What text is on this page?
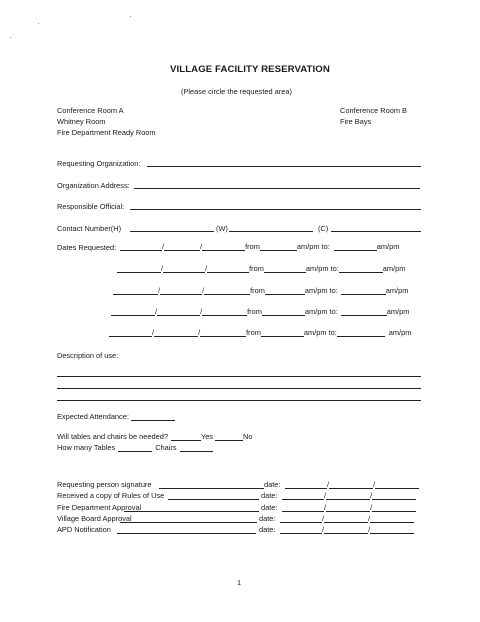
VILLAGE FACILITY RESERVATION
(Please circle the requested area)
Conference Room A
Whitney Room
Fire Department Ready Room
Conference Room B
Fire Bays
Requesting Organization:
Organization Address:
Responsible Official:
Contact Number(H)	(W)	(C)
Dates Requested:	/	/	from	am/pm to:	am/pm
/	/	from	am/pm to:	am/pm
/	/	from	am/pm to:	am/pm
/	/	from	am/pm to:	am/pm
/	/	from	am/pm to:	am/pm
Description of use:
Expected Attendance:
Will tables and chairs be needed?	Yes	No
How many Tables	Chairs
Requesting person signature	date:	/	/
Received a copy of Rules of Use	date:	/	/
Fire Department Approval	date:	/	/
Village Board Approval	date:	/	/
APD Notification	date:	/	/
1
